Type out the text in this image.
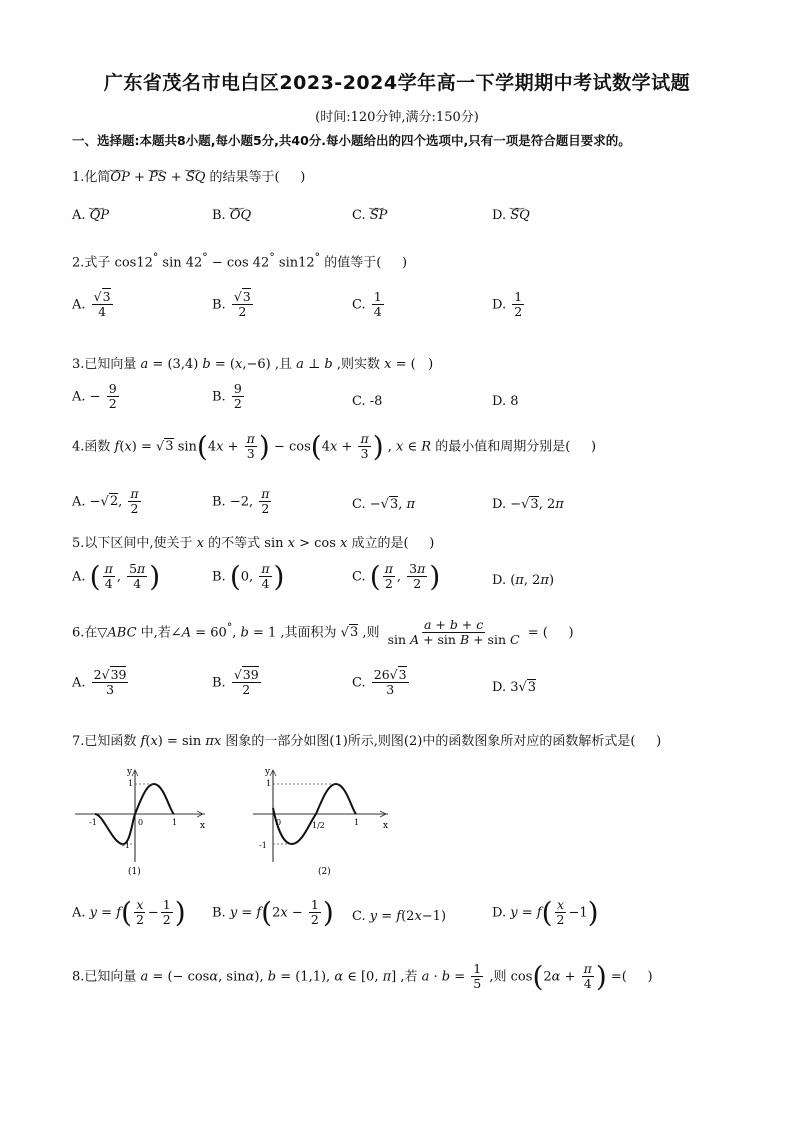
广东省茂名市电白区2023-2024学年高一下学期期中考试数学试题
(时间:120分钟,满分:150分)
一、选择题:本题共8小题,每小题5分,共40分.每小题给出的四个选项中,只有一项是符合题目要求的。
1.化简‿‿ OP + ‿‿ PS + ‿‿ SQ 的结果等于(     )
A. ‿‿ QP	B. ‿‿ OQ	C. ‿‿ SP	D. ‿‿ SQ
2.式子 cos12° sin 42° − cos 42° sin12° 的值等于(     )
A. $\frac{√3}{4}$	B. $\frac{√3}{2}$	C. $\frac{1}{4}$	D. $\frac{1}{2}$
3.已知向量 a = (3,4) b = (x,−6) ,且 a ⊥ b ,则实数 x = (   )
A. − $\frac{9}{2}$	B. $\frac{9}{2}$	C. -8	D. 8
4.函数 f(x) = √3 $\sin(4x + \frac{\pi}{3}$ ) − $\cos(4x + \frac{\pi}{3}$ ) , x ∈ R 的最小值和周期分别是(     )
A. −√2, $\frac{\pi}{2}$	B. −2, $\frac{\pi}{2}$	C. −√3, π	D. −√3, 2π
5.以下区间中,使关于 x 的不等式 sin x > cos x 成立的是(     )
A. ( $\frac{\pi}{4}$ , $\frac{5\pi}{4}$ )	B. (0, $\frac{\pi}{4}$ )	C. ( $\frac{\pi}{2}$ , $\frac{3\pi}{2}$ )	D. (π, 2π)
6.在▽ABC 中,若∠A = 60°, b = 1 ,其面积为 √3 ,则 $\frac{a + b + c}{\text{sin A + sin B + sin C}}$ = (     )
A. $\frac{2√39}{3}$	B. $\frac{√39}{2}$	C. $\frac{26√3}{3}$	D. 3√3
7.已知函数 f(x) = sin πx 图象的一部分如图(1)所示,则图(2)中的函数图象所对应的函数解析式是(     )
x
y
1
-1
-1	0	1
(1)
x
y
1
-1
0	1/2	1
(2)
A. $y = f( \frac{x}{2} - \frac{1}{2}$ ) B. $y = f(2x - \frac{1}{2}$ ) C. y = f(2x−1)	D. $y = f( \frac{x}{2} -1)$
8.已知向量 a = (− cosα, sinα), b = (1,1), α ∈ [0, π] ,若 $a \cdot b = \frac{1}{5}$ ,则 $\cos(2\alpha + \frac{\pi}{4}$ ) =(     )
